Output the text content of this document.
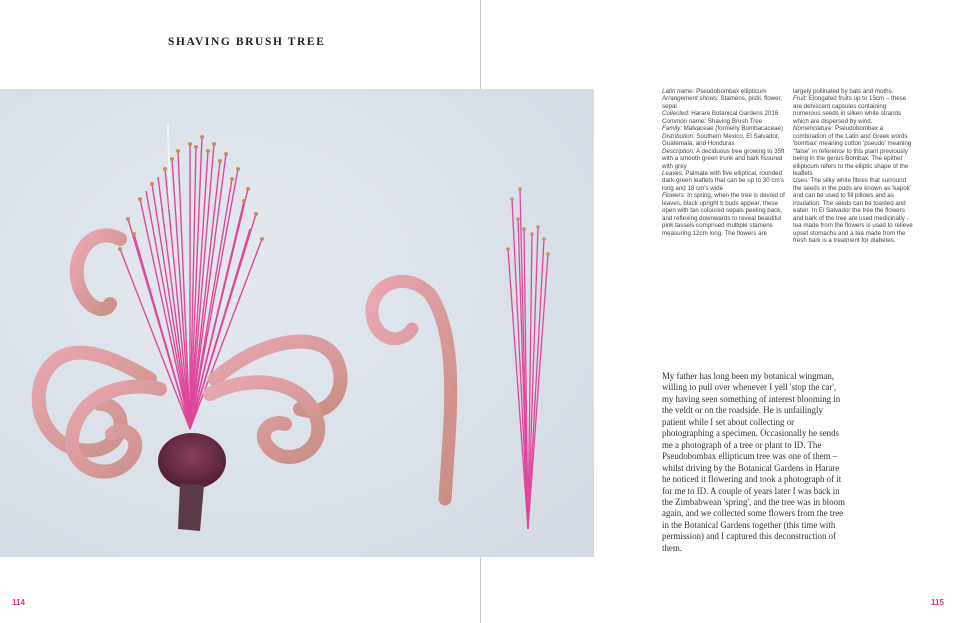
SHAVING BRUSH TREE

Latin name: Pseudobombax ellipticum
Arrangement shows: Stamens, pistil, flower, sepal
Collected: Harare Botanical Gardens 2016
Common name: Shaving Brush Tree
Family: Malvaceae (formerly Bombacaceae)
Distribution: Southern Mexico, El Salvador, Guatemala, and Honduras
Description: A deciduous tree growing to 35ft with a smooth green trunk and bark fissured with grey
Leaves: Palmate with five elliptical, rounded dark-green leaflets that can be up to 30 cm's long and 18 cm's wide
Flowers: In spring, when the tree is devoid of leaves, black upright b buds appear, these open with tan coloured sepals peeling back, and reflexing downwards to reveal beautiful pink tassels comprised multiple stamens measuring 12cm long. The flowers are

largely pollinated by bats and moths.
Fruit: Elongated fruits up to 15cm – these are dehiscent capsules containing numerous seeds in silken white strands which are dispersed by wind.
Nomenclature: Pseudobombax a combination of the Latin and Greek words 'bombax' meaning cotton 'pseudo' meaning "false" in reference to this plant previously being in the genus Bombax. The epithet ellipticum refers to the elliptic shape of the leaflets
Uses: The silky white fibres that surround the seeds in the pods are known as 'kapok' and can be used to fill pillows and as insulation. The seeds can be toasted and eaten. In El Salvador the tree the flowers and bark of the tree are used medicinally - tea made from the flowers is used to relieve upset stomachs and a tea made from the fresh bark is a treatment for diabetes.

My father has long been my botanical wingman, willing to pull over whenever I yell 'stop the car', my having seen something of interest blooming in the veldt or on the roadside. He is unfailingly patient while I set about collecting or photographing a specimen. Occasionally he sends me a photograph of a tree or plant to ID. The Pseudobombax ellipticum tree was one of them –whilst driving by the Botanical Gardens in Harare he noticed it flowering and took a photograph of it for me to ID. A couple of years later I was back in the Zimbabwean 'spring', and the tree was in bloom again, and we collected some flowers from the tree in the Botanical Gardens together (this time with permission) and I captured this deconstruction of them.

114	115
